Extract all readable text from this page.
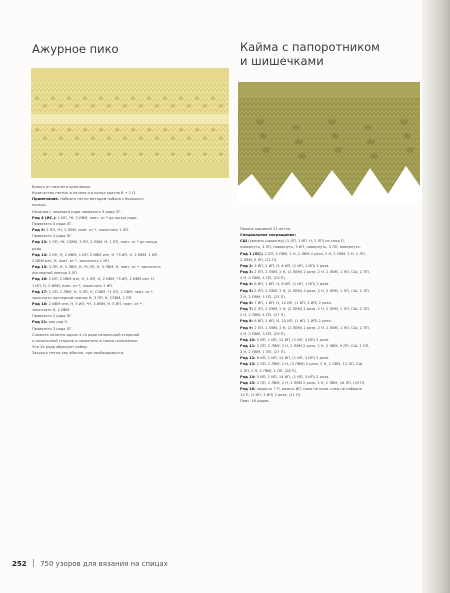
Ажурное пико	Кайма с папоротником
и шишечками
Вязать от нижнего края вверх.
Количество петель в начале и в конце кратно 8 + 1 П.
Примечание. Набрать петли методом набора с большого
пальца.
Начиная с лицевого ряда провязать 3 ряда ЛГ.
Ряд 4 (ИС.): 1 ИП, *Н, 2 ИВМ, повт. от * до конца ряда.
Провязать 4 ряда ЛГ.
Ряд 9: 2 ЛП, *Н, 2 ЛВМ, повт. от *, закончить 1 ЛП.
Провязать 3 ряда ЛГ.
Ряд 13: 1 ЛП, *Н, СЗВМ, 3 ЛП, 2 ЛВМ, Н, 1 ЛП, повт. от * до конца
ряда.
Ряд 14: 2 ИП, Н, 2 ИВМ, 1 ИП, 2 ИВМ изн, Н, *3 ИП, Н, 2 ИВМ, 1 ИП,
2 ИВМ изн, Н, повт. от *, закончить 2 ИП.
Ряд 15: 3 ЛП, Н, 3 ЛВМ, Н, *5 ЛП, Н, 3 ЛВМ, Н, повт. от *, закончить
последний повтор 3 ЛП.
Ряд 16: 2 ИП, 2 ИВМ изн, Н, 1 ИП, Н, 2 ИВМ, *3 ИП, 2 ИВМ изн, Н,
1 ИП, Н, 2 ИВМ, повт. от *, закончить 2 ИП.
Ряд 17: 1 ЛП, 2 ЛВМ, Н, 3 ЛП, Н, СЗВМ, *1 ЛП, 2 ЛВМ, повт. от *,
закончить последний повтор Н, 3 ЛП, Н, СЗВМ, 1 ЛП.
Ряд 18: 2 ИВМ изн, Н, 5 ИП, *Н, 3 ИВМ, Н, 5 ИП, повт. от *,
закончить Н, 2 ИВМ.
Провязать 2 ряда ЛГ.
Ряд 21: как ряд 9.
Провязать 3 ряда ЛГ.
Сложить полотно вдоль 4-го ряда изнаночной стороной
к изнаночной стороне и закрепить в таком положении.
Эти 24 ряда образуют кайму.
Закрыть петли как обычно, при необходимости.
Полоса шириной 21 петля.
Специальное сокращение:
СШ (связать шишечку) (1 ЛП, 1 ИП, Н, 1 ЛП) из след П,
повернуть, 3 ЛП, повернуть, 3 ИП, повернуть, 3 ЛП, повернуть.
Ряд 1 (ЛС): 2 ЛП, 2 ЛВМ, 2 Н, 2 ЛВМ 2 раза, 2 Н, 2 ЛВМ, 2 Н, 2 ЛП,
2 ЛВМ, 5 ЛП, (21 П).
Ряд 2: 3 ИП, 1 ИП, Н, 8 ИП, (1 ИП, 1 ИП) 2 раза.
Ряд 3: 2 ЛП, 2 ЛВМ, 2 Н, (2 ЛВМ) 2 раза, 2 Н, 2 ЛВМ, 1 ЛП, СШ, 2 ЛП,
2 Н, 2 ЛВМ, 4 ЛП, (23 П).
Ряд 4: 8 ИП, 1 ИП, Н, 8 ИП, (1 ИП, 1 ИП) 2 раза.
Ряд 5: 2 ЛП, 2 ЛВМ, 2 Н, (2 ЛВМ) 3 раза, 2 Н, 2 ЛВМ, 1 ЛП, СШ, 2 ЛП,
2 Н, 2 ЛВМ, 5 ЛП, (25 П).
Ряд 6: 7 ИП, 1 ИП, Н, 10 ИП, (1 ИП, 3 ИП) 2 раза.
Ряд 7: 2 ЛП, 2 ЛВМ, 2 Н, (2 ЛВМ) 2 раза, 2 Н, 2 ЛВМ, 1 ЛП, СШ, 2 ЛП,
2 Н, 2 ЛВМ, 4 ЛП, (27 П).
Ряд 8: 6 ИП, 1 ИП, Н, 10 ИП, (1 ИП, 1 ИП) 2 раза.
Ряд 9: 2 ЛП, 2 ЛВМ, 2 Н, (2 ЛВМ) 2 раза, 2 Н, 2 ЛВМ, 1 ЛП, СШ, 2 ЛП,
2 Н, 2 ЛВМ, 3 ЛП, (29 П).
Ряд 10: 5 ИП, 1 ИП, 12 ИП, (1 ИП, 3 ИП) 2 раза.
Ряд 11: 2 ЛП, 2 ЛВМ, 2 Н, 2 ЛВМ 2 раза, 2 Н, 2 ЛВМ, 9 ЛП, СШ, 1 ЛП,
2 Н, 2 ЛВМ, 1 ЛП, (27 П).
Ряд 12: 6 ИП, 1 ИП, 14 ИП, (1 ИП, 3 ИП) 2 раза.
Ряд 13: 2 ЛП, 2 ЛВМ, 2 Н, (2 ЛВМ) 2 раза, 2 Н, 2 ЛВМ, 11 ЛП, СШ,
2 ЛП, 2 Н, 2 ЛВМ, 1 ЛП, (28 П).
Ряд 14: 5 ИП, 1 ИП, 14 ИП, (1 ИП, 3 ИП) 2 раза.
Ряд 15: 2 ЛП, 2 ЛВМ, 2 Н, 2 ЛВМ 2 раза, 2 Н, 2 ЛВМ, 16 ЛП, (29 П).
Ряд 16: закрыть 7 П, вязать ИП, пока не пров. след не набрано
13 П, (1 ИП, 3 ИП) 2 раза, (21 П).
Повт. 16 рядов.
252 750 узоров для вязания на спицах
